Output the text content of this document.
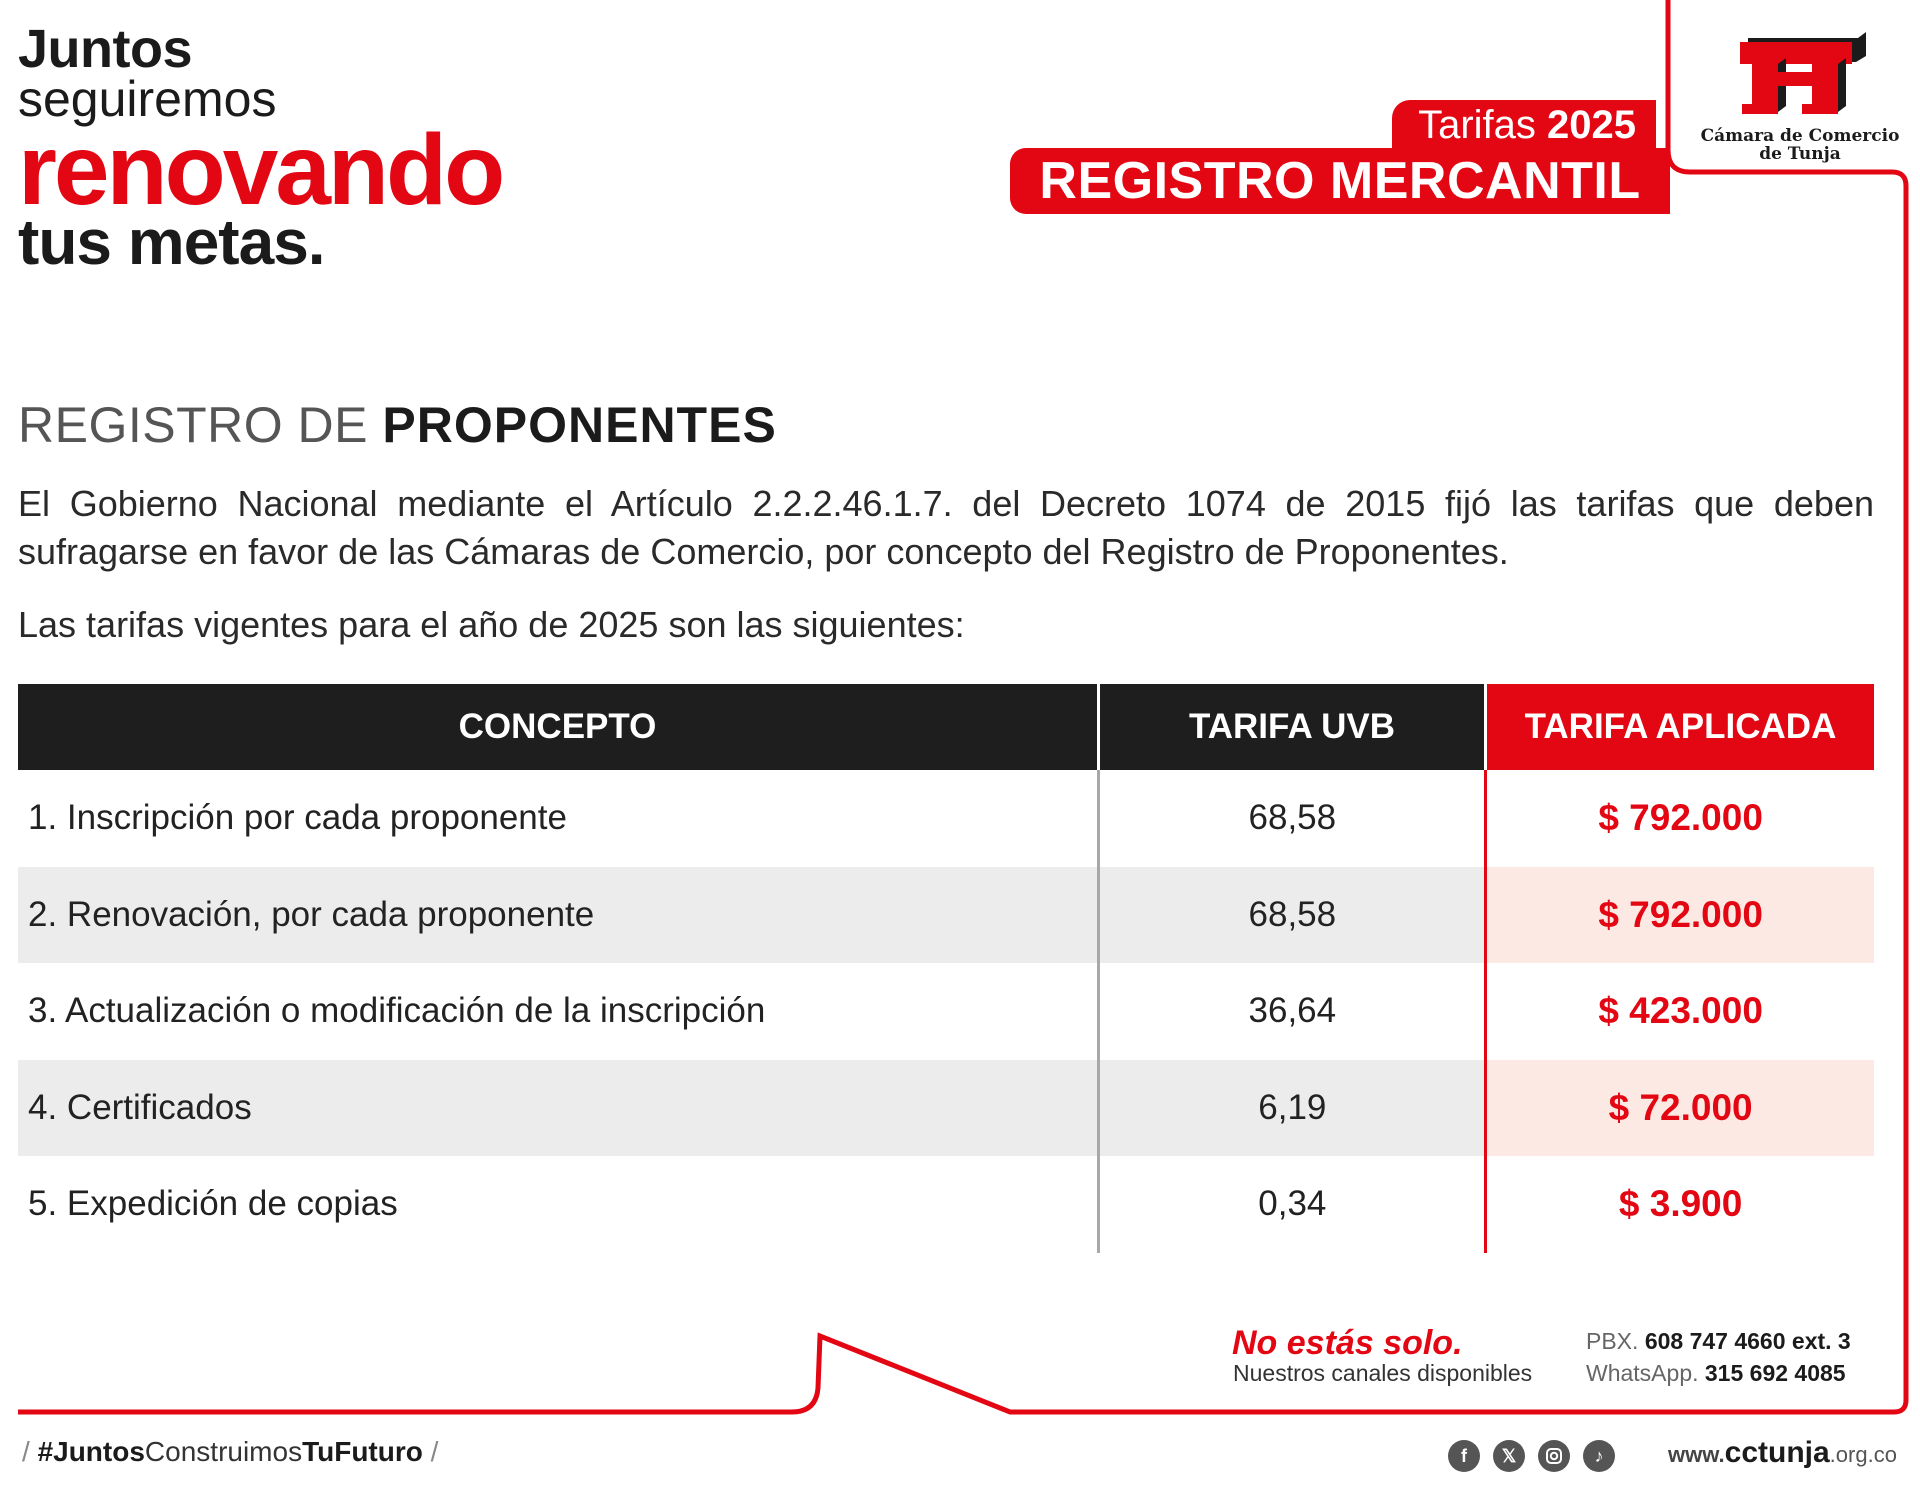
Juntos
seguiremos
renovando
tus metas.
Tarifas 2025
REGISTRO MERCANTIL
Cámara de Comercio
de Tunja
REGISTRO DE PROPONENTES
El Gobierno Nacional mediante el Artículo 2.2.2.46.1.7. del Decreto 1074 de 2015 fijó las tarifas que deben sufragarse en favor de las Cámaras de Comercio, por concepto del Registro de Proponentes.
Las tarifas vigentes para el año de 2025 son las siguientes:
CONCEPTO	TARIFA UVB	TARIFA APLICADA
1. Inscripción por cada proponente	68,58	$ 792.000
2. Renovación, por cada proponente	68,58	$ 792.000
3. Actualización o modificación de la inscripción	36,64	$ 423.000
4. Certificados	6,19	$ 72.000
5. Expedición de copias	0,34	$ 3.900
No estás solo.
Nuestros canales disponibles
PBX. 608 747 4660 ext. 3
WhatsApp. 315 692 4085
/ #JuntosConstruimosTuFuturo /	f	𝕏	♪	www.cctunja.org.co
